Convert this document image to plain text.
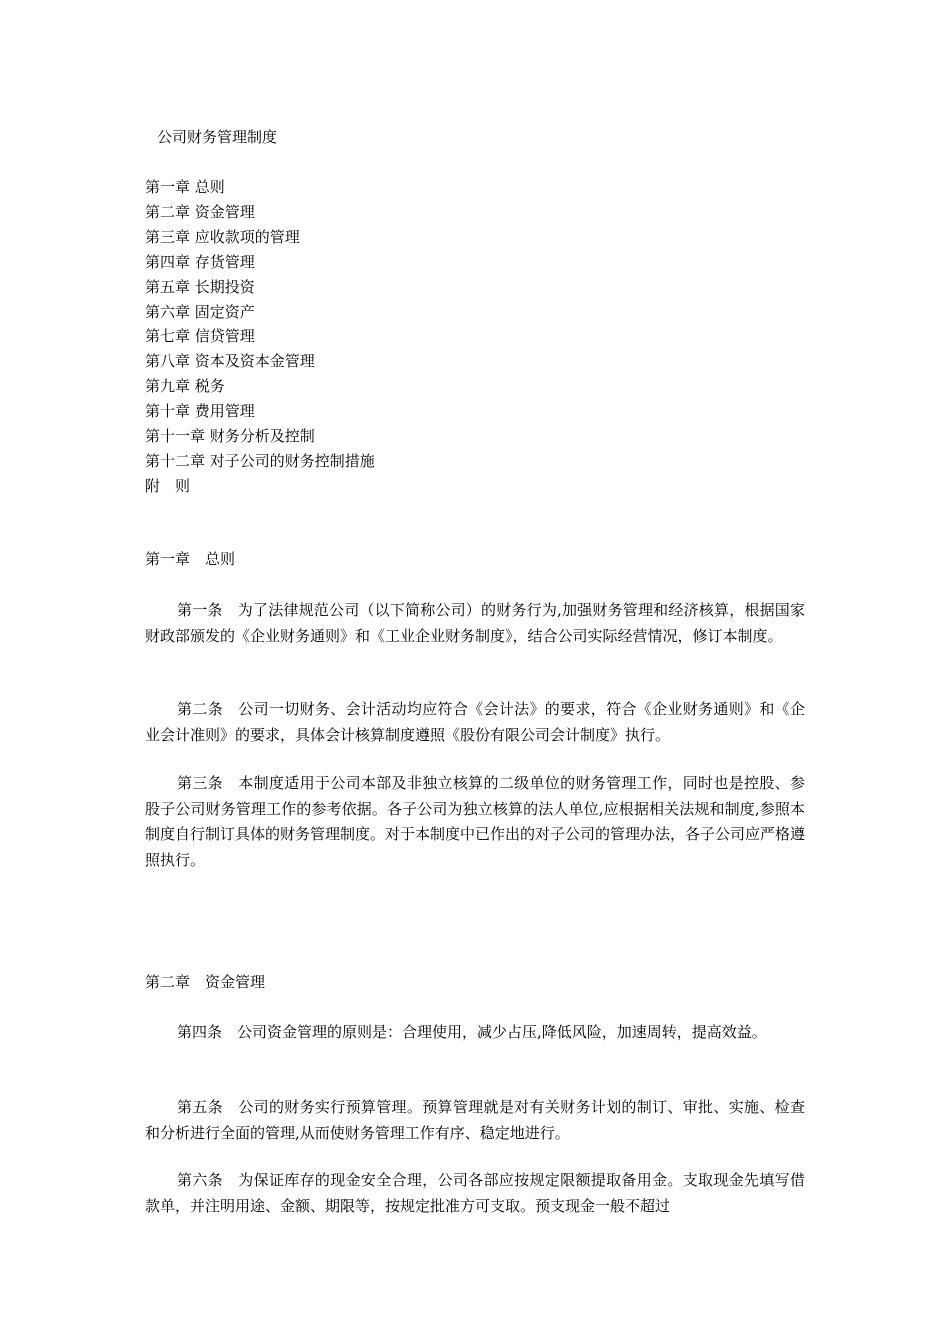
公司财务管理制度
第一章 总则
第二章 资金管理
第三章 应收款项的管理
第四章 存货管理
第五章 长期投资
第六章 固定资产
第七章 信贷管理
第八章 资本及资本金管理
第九章 税务
第十章 费用管理
第十一章 财务分析及控制
第十二章 对子公司的财务控制措施
附　则
第一章　总则

第一条　为了法律规范公司（以下简称公司）的财务行为,加强财务管理和经济核算，根据国家财政部颁发的《企业财务通则》和《工业企业财务制度》，结合公司实际经营情况，修订本制度。

第二条　公司一切财务、会计活动均应符合《会计法》的要求，符合《企业财务通则》和《企业会计准则》的要求，具体会计核算制度遵照《股份有限公司会计制度》执行。

第三条　本制度适用于公司本部及非独立核算的二级单位的财务管理工作，同时也是控股、参股子公司财务管理工作的参考依据。各子公司为独立核算的法人单位,应根据相关法规和制度,参照本制度自行制订具体的财务管理制度。对于本制度中已作出的对子公司的管理办法，各子公司应严格遵照执行。

第二章　资金管理

第四条　公司资金管理的原则是：合理使用，减少占压,降低风险，加速周转，提高效益。

第五条　公司的财务实行预算管理。预算管理就是对有关财务计划的制订、审批、实施、检查和分析进行全面的管理,从而使财务管理工作有序、稳定地进行。

第六条　为保证库存的现金安全合理，公司各部应按规定限额提取备用金。支取现金先填写借款单，并注明用途、金额、期限等，按规定批准方可支取。预支现金一般不超过
